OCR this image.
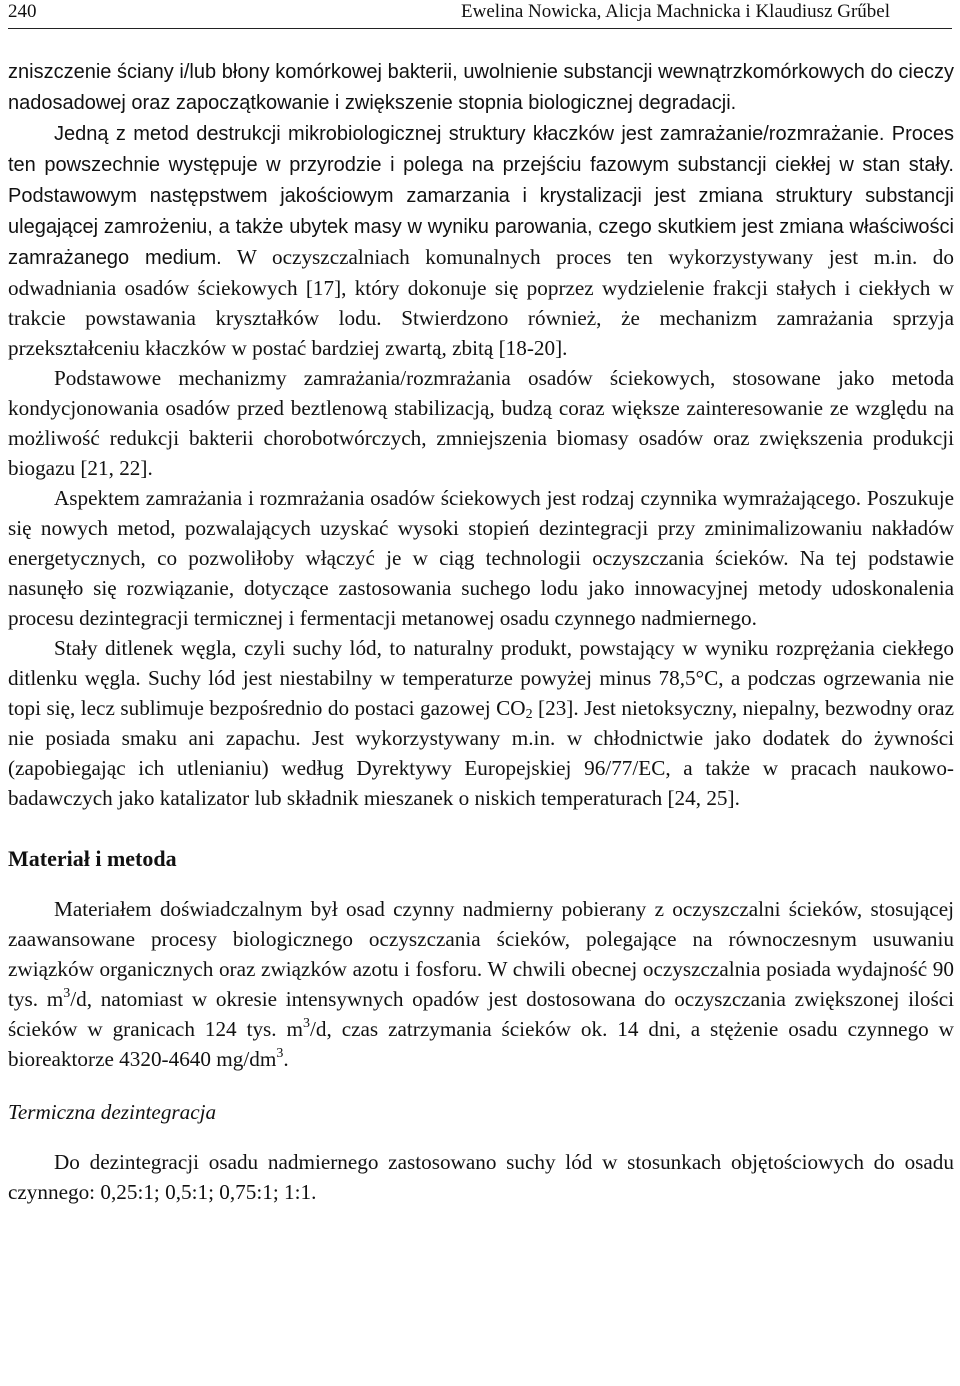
240	Ewelina Nowicka, Alicja Machnicka i Klaudiusz Grűbel

zniszczenie ściany i/lub błony komórkowej bakterii, uwolnienie substancji wewnątrzkomórkowych do cieczy nadosadowej oraz zapoczątkowanie i zwiększenie stopnia biologicznej degradacji.
Jedną z metod destrukcji mikrobiologicznej struktury kłaczków jest zamrażanie/rozmrażanie. Proces ten powszechnie występuje w przyrodzie i polega na przejściu fazowym substancji ciekłej w stan stały. Podstawowym następstwem jakościowym zamarzania i krystalizacji jest zmiana struktury substancji ulegającej zamrożeniu, a także ubytek masy w wyniku parowania, czego skutkiem jest zmiana właściwości zamrażanego medium. W oczyszczalniach komunalnych proces ten wykorzystywany jest m.in. do odwadniania osadów ściekowych [17], który dokonuje się poprzez wydzielenie frakcji stałych i ciekłych w trakcie powstawania kryształków lodu. Stwierdzono również, że mechanizm zamrażania sprzyja przekształceniu kłaczków w postać bardziej zwartą, zbitą [18-20].

Podstawowe mechanizmy zamrażania/rozmrażania osadów ściekowych, stosowane jako metoda kondycjonowania osadów przed beztlenową stabilizacją, budzą coraz większe zainteresowanie ze względu na możliwość redukcji bakterii chorobotwórczych, zmniejszenia biomasy osadów oraz zwiększenia produkcji biogazu [21, 22].

Aspektem zamrażania i rozmrażania osadów ściekowych jest rodzaj czynnika wymrażającego. Poszukuje się nowych metod, pozwalających uzyskać wysoki stopień dezintegracji przy zminimalizowaniu nakładów energetycznych, co pozwoliłoby włączyć je w ciąg technologii oczyszczania ścieków. Na tej podstawie nasunęło się rozwiązanie, dotyczące zastosowania suchego lodu jako innowacyjnej metody udoskonalenia procesu dezintegracji termicznej i fermentacji metanowej osadu czynnego nadmiernego.

Stały ditlenek węgla, czyli suchy lód, to naturalny produkt, powstający w wyniku rozprężania ciekłego ditlenku węgla. Suchy lód jest niestabilny w temperaturze powyżej minus 78,5°C, a podczas ogrzewania nie topi się, lecz sublimuje bezpośrednio do postaci gazowej $CO_2$ [23]. Jest nietoksyczny, niepalny, bezwodny oraz nie posiada smaku ani zapachu. Jest wykorzystywany m.in. w chłodnictwie jako dodatek do żywności (zapobiegając ich utlenianiu) według Dyrektywy Europejskiej 96/77/EC, a także w pracach naukowo-badawczych jako katalizator lub składnik mieszanek o niskich temperaturach [24, 25].

Materiał i metoda

Materiałem doświadczalnym był osad czynny nadmierny pobierany z oczyszczalni ścieków, stosującej zaawansowane procesy biologicznego oczyszczania ścieków, polegające na równoczesnym usuwaniu związków organicznych oraz związków azotu i fosforu. W chwili obecnej oczyszczalnia posiada wydajność 90 tys. $m^3/d$, natomiast w okresie intensywnych opadów jest dostosowana do oczyszczania zwiększonej ilości ścieków w granicach 124 tys. $m^3/d$, czas zatrzymania ścieków ok. 14 dni, a stężenie osadu czynnego w bioreaktorze 4320-4640 $mg/dm^3$.

Termiczna dezintegracja

Do dezintegracji osadu nadmiernego zastosowano suchy lód w stosunkach objętościowych do osadu czynnego: 0,25:1; 0,5:1; 0,75:1; 1:1.
